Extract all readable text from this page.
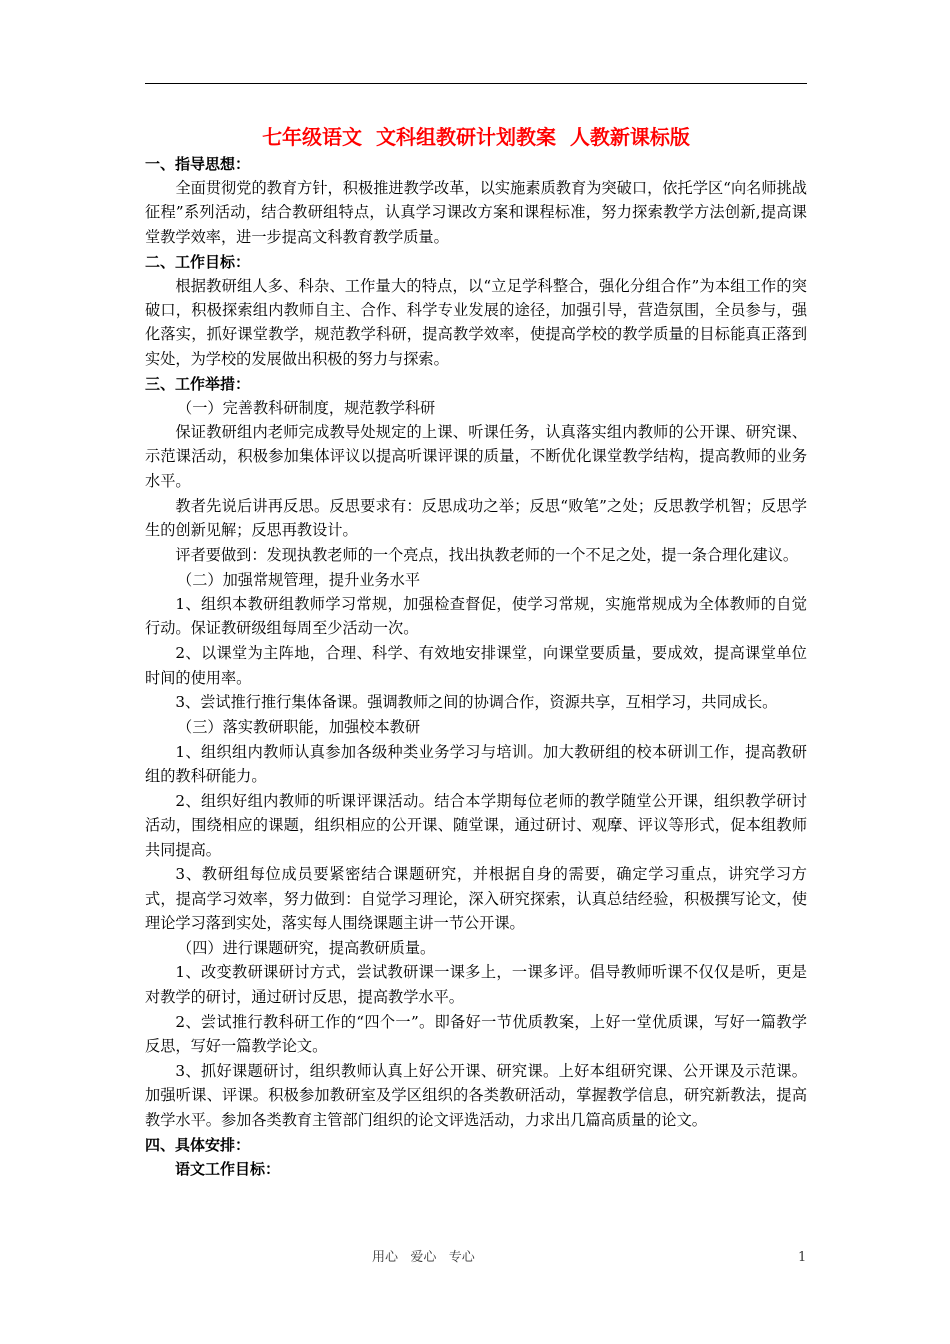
七年级语文  文科组教研计划教案  人教新课标版

一、指导思想：

全面贯彻党的教育方针，积极推进教学改革，以实施素质教育为突破口，依托学区“向名师挑战征程”系列活动，结合教研组特点，认真学习课改方案和课程标准，努力探索教学方法创新,提高课堂教学效率，进一步提高文科教育教学质量。

二、工作目标：

根据教研组人多、科杂、工作量大的特点，以“立足学科整合，强化分组合作”为本组工作的突破口，积极探索组内教师自主、合作、科学专业发展的途径，加强引导，营造氛围，全员参与，强化落实，抓好课堂教学，规范教学科研，提高教学效率，使提高学校的教学质量的目标能真正落到实处，为学校的发展做出积极的努力与探索。

三、工作举措：

（一）完善教科研制度，规范教学科研

保证教研组内老师完成教导处规定的上课、听课任务，认真落实组内教师的公开课、研究课、示范课活动，积极参加集体评议以提高听课评课的质量，不断优化课堂教学结构，提高教师的业务水平。

教者先说后讲再反思。反思要求有：反思成功之举；反思“败笔”之处；反思教学机智；反思学生的创新见解；反思再教设计。

评者要做到：发现执教老师的一个亮点，找出执教老师的一个不足之处，提一条合理化建议。

（二）加强常规管理，提升业务水平

1、组织本教研组教师学习常规，加强检查督促，使学习常规，实施常规成为全体教师的自觉行动。保证教研级组每周至少活动一次。

2、以课堂为主阵地，合理、科学、有效地安排课堂，向课堂要质量，要成效，提高课堂单位时间的使用率。

3、尝试推行推行集体备课。强调教师之间的协调合作，资源共享，互相学习，共同成长。

（三）落实教研职能，加强校本教研

1、组织组内教师认真参加各级种类业务学习与培训。加大教研组的校本研训工作，提高教研组的教科研能力。

2、组织好组内教师的听课评课活动。结合本学期每位老师的教学随堂公开课，组织教学研讨活动，围绕相应的课题，组织相应的公开课、随堂课，通过研讨、观摩、评议等形式，促本组教师共同提高。

3、教研组每位成员要紧密结合课题研究，并根据自身的需要，确定学习重点，讲究学习方式，提高学习效率，努力做到：自觉学习理论，深入研究探索，认真总结经验，积极撰写论文，使理论学习落到实处，落实每人围绕课题主讲一节公开课。

（四）进行课题研究，提高教研质量。

1、改变教研课研讨方式，尝试教研课一课多上，一课多评。倡导教师听课不仅仅是听，更是对教学的研讨，通过研讨反思，提高教学水平。

2、尝试推行教科研工作的“四个一”。即备好一节优质教案，上好一堂优质课，写好一篇教学反思，写好一篇教学论文。

3、抓好课题研讨，组织教师认真上好公开课、研究课。上好本组研究课、公开课及示范课。加强听课、评课。积极参加教研室及学区组织的各类教研活动，掌握教学信息，研究新教法，提高教学水平。参加各类教育主管部门组织的论文评选活动，力求出几篇高质量的论文。

四、具体安排：

语文工作目标：

用心   爱心   专心	1
